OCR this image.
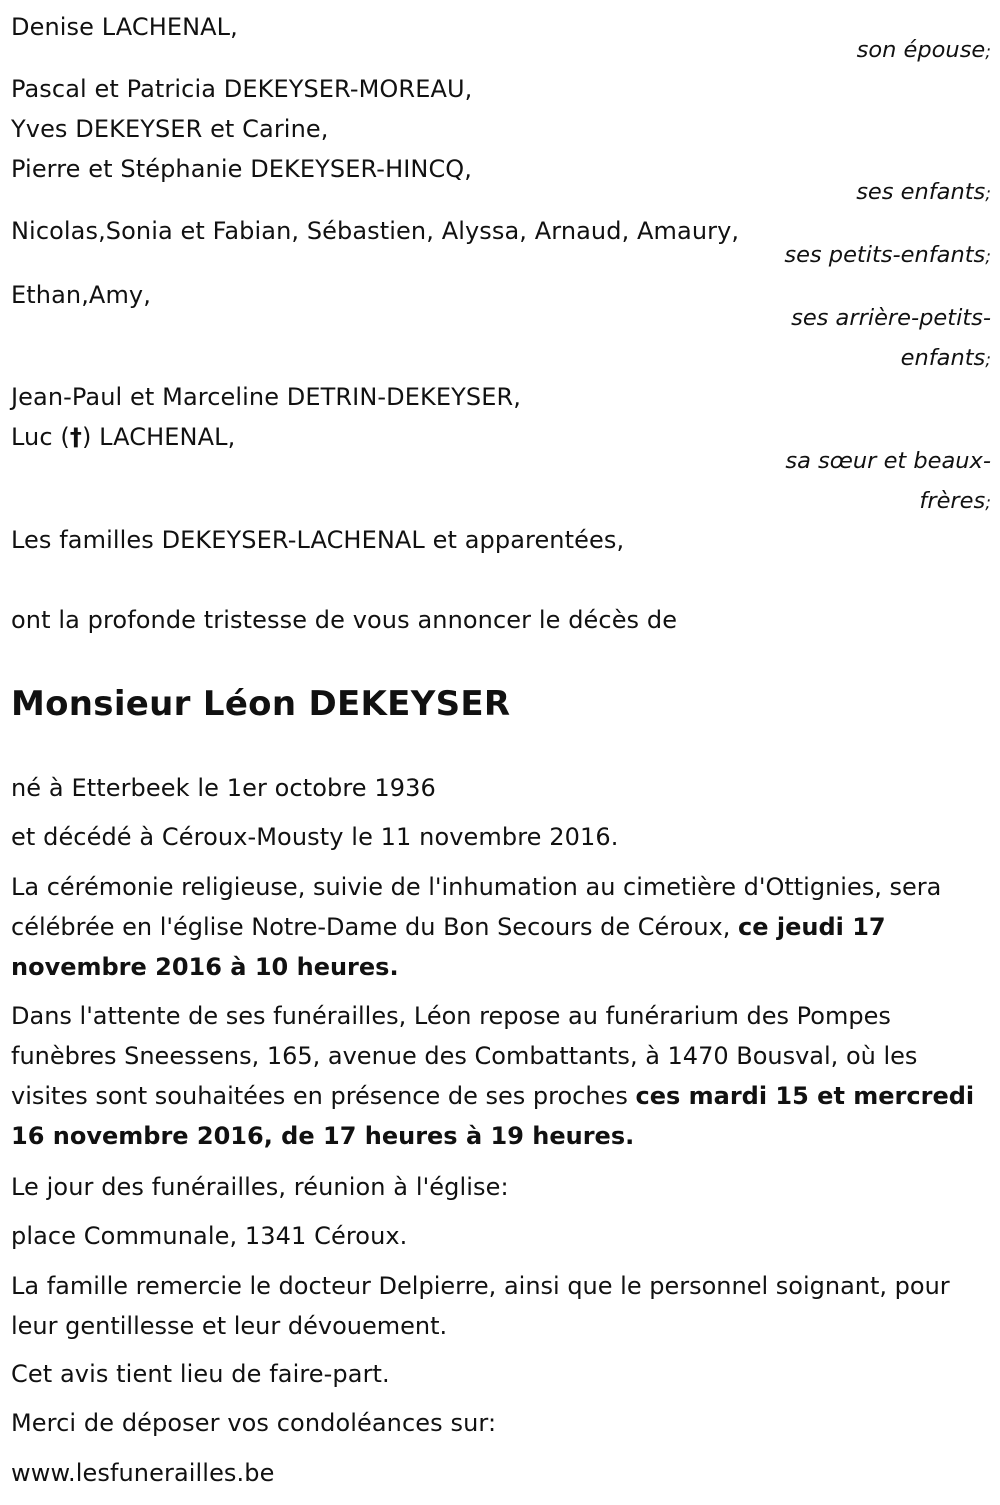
Denise LACHENAL,
son épouse;
Pascal et Patricia DEKEYSER-MOREAU,
Yves DEKEYSER et Carine,
Pierre et Stéphanie DEKEYSER-HINCQ,
ses enfants;
Nicolas,Sonia et Fabian, Sébastien, Alyssa, Arnaud, Amaury,
ses petits-enfants;
Ethan,Amy,
ses arrière-petits-
enfants;
Jean-Paul et Marceline DETRIN-DEKEYSER,
Luc (†) LACHENAL,
sa sœur et beaux-
frères;
Les familles DEKEYSER-LACHENAL et apparentées,
ont la profonde tristesse de vous annoncer le décès de
Monsieur Léon DEKEYSER
né à Etterbeek le 1er octobre 1936
et décédé à Céroux-Mousty le 11 novembre 2016.
La cérémonie religieuse, suivie de l'inhumation au cimetière d'Ottignies, sera célébrée en l'église Notre-Dame du Bon Secours de Céroux, ce jeudi 17 novembre 2016 à 10 heures.
Dans l'attente de ses funérailles, Léon repose au funérarium des Pompes funèbres Sneessens, 165, avenue des Combattants, à 1470 Bousval, où les visites sont souhaitées en présence de ses proches ces mardi 15 et mercredi 16 novembre 2016, de 17 heures à 19 heures.
Le jour des funérailles, réunion à l'église:
place Communale, 1341 Céroux.
La famille remercie le docteur Delpierre, ainsi que le personnel soignant, pour leur gentillesse et leur dévouement.
Cet avis tient lieu de faire-part.
Merci de déposer vos condoléances sur:
www.lesfunerailles.be
